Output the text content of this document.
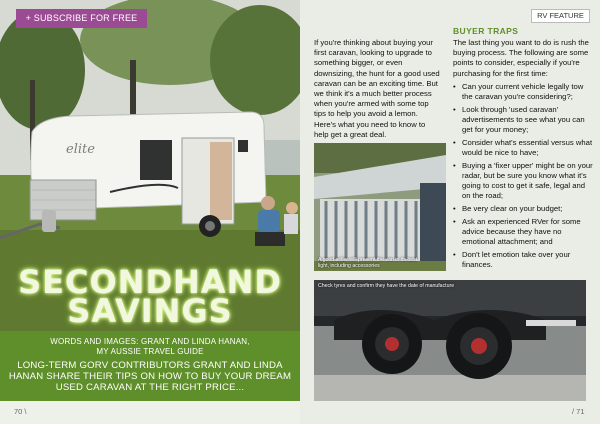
elite
SECONDHAND
SAVINGS
+ SUBSCRIBE FOR FREE
WORDS AND IMAGES: GRANT AND LINDA HANAN,
MY AUSSIE TRAVEL GUIDE
LONG-TERM GORV CONTRIBUTORS GRANT AND LINDA HANAN SHARE THEIR TIPS ON HOW TO BUY YOUR DREAM USED CARAVAN AT THE RIGHT PRICE...
70 \
RV FEATURE
If you're thinking about buying your first caravan, looking to upgrade to something bigger, or even downsizing, the hunt for a good used caravan can be an exciting time. But we think it's a much better process when you're armed with some top tips to help you avoid a lemon. Here's what you need to know to help get a great deal.
BUYER TRAPS

The last thing you want to do is rush the buying process. The following are some points to consider, especially if you're purchasing for the first time:

• Can your current vehicle legally tow the caravan you're considering?;
• Look through 'used caravan' advertisements to see what you can get for your money;
• Consider what's essential versus what would be nice to have;
• Buying a 'fixer upper' might be on your radar, but be sure you know what it's going to cost to get it safe, legal and on the road;
• Be very clear on your budget;
• Ask an experienced RVer for some advice because they have no emotional attachment; and
• Don't let emotion take over your finances.
A good seller will present the van in its best light, including accessories
Check tyres and confirm they have the date of manufacture
/ 71
